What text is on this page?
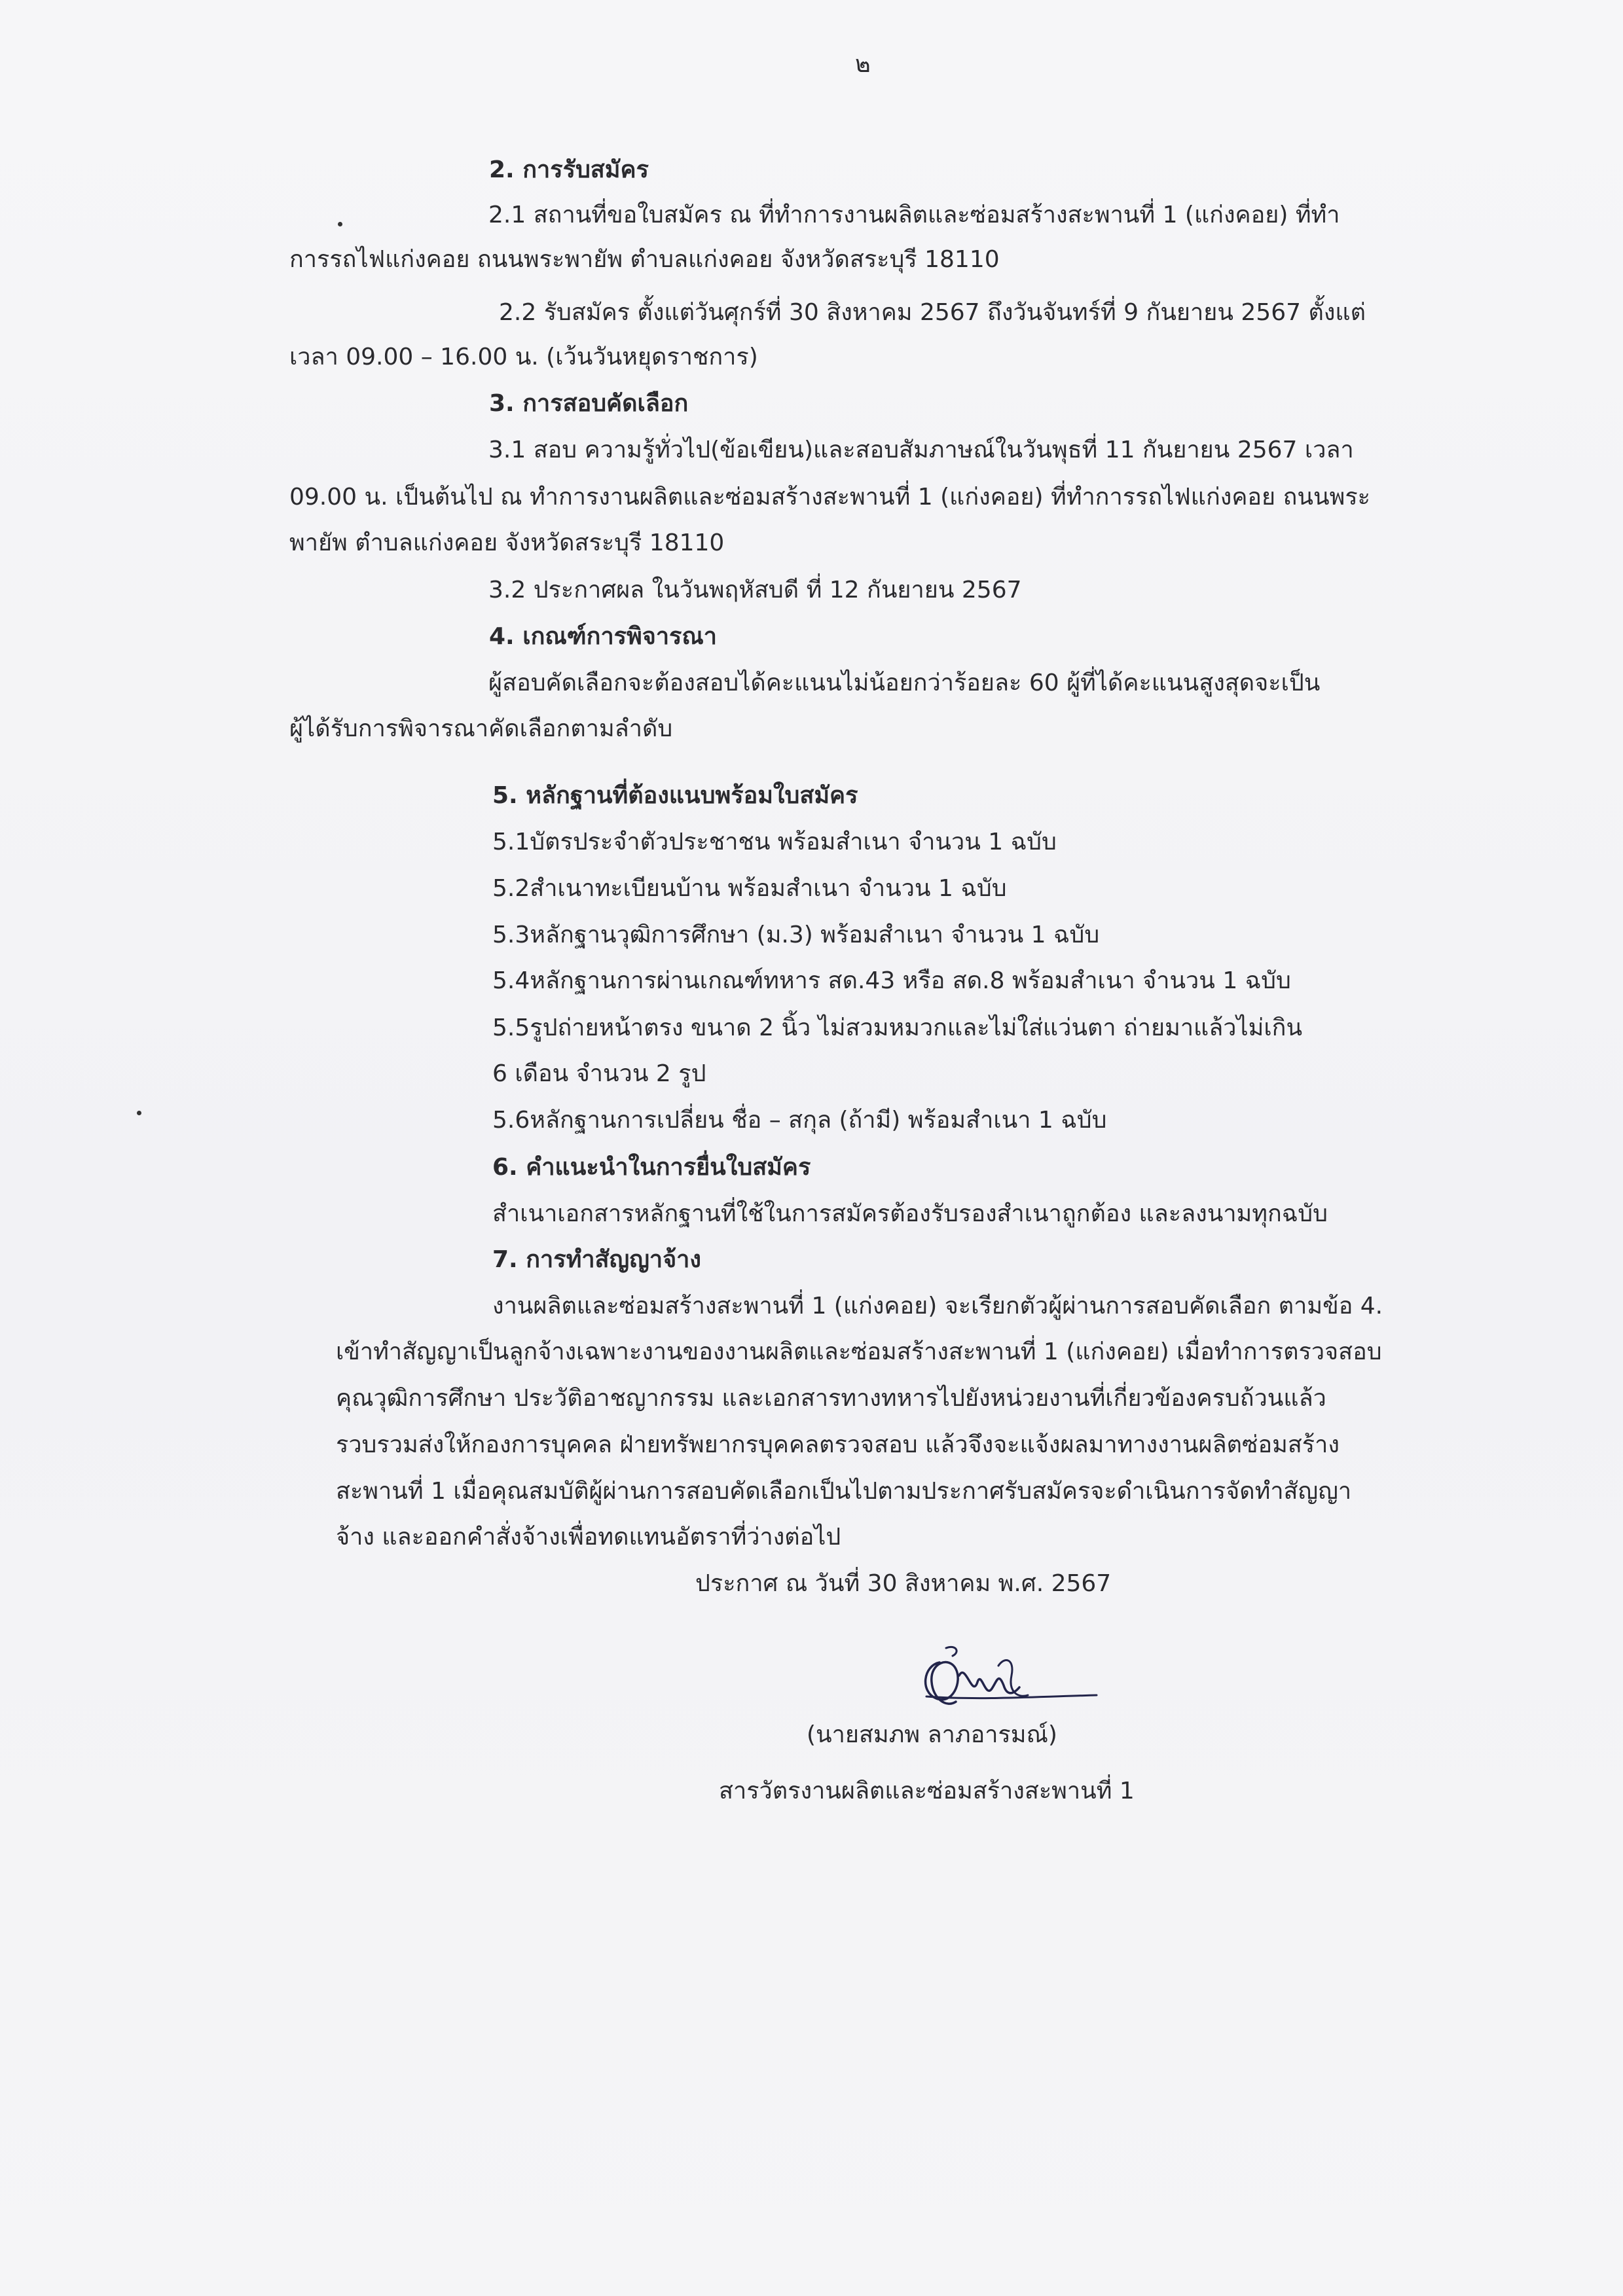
๒
2. การรับสมัคร
2.1 สถานที่ขอใบสมัคร ณ ที่ทำการงานผลิตและซ่อมสร้างสะพานที่ 1 (แก่งคอย) ที่ทำ
การรถไฟแก่งคอย ถนนพระพายัพ ตำบลแก่งคอย จังหวัดสระบุรี 18110
2.2 รับสมัคร ตั้งแต่วันศุกร์ที่ 30 สิงหาคม 2567 ถึงวันจันทร์ที่ 9 กันยายน 2567 ตั้งแต่
เวลา 09.00 – 16.00 น. (เว้นวันหยุดราชการ)
3. การสอบคัดเลือก
3.1 สอบ ความรู้ทั่วไป(ข้อเขียน)และสอบสัมภาษณ์ในวันพุธที่ 11 กันยายน 2567 เวลา
09.00 น. เป็นต้นไป ณ ทำการงานผลิตและซ่อมสร้างสะพานที่ 1 (แก่งคอย) ที่ทำการรถไฟแก่งคอย ถนนพระ
พายัพ ตำบลแก่งคอย จังหวัดสระบุรี 18110
3.2 ประกาศผล ในวันพฤหัสบดี ที่ 12 กันยายน 2567
4. เกณฑ์การพิจารณา
ผู้สอบคัดเลือกจะต้องสอบได้คะแนนไม่น้อยกว่าร้อยละ 60 ผู้ที่ได้คะแนนสูงสุดจะเป็น
ผู้ได้รับการพิจารณาคัดเลือกตามลำดับ
5. หลักฐานที่ต้องแนบพร้อมใบสมัคร
5.1บัตรประจำตัวประชาชน พร้อมสำเนา จำนวน 1 ฉบับ
5.2สำเนาทะเบียนบ้าน พร้อมสำเนา จำนวน 1 ฉบับ
5.3หลักฐานวุฒิการศึกษา (ม.3) พร้อมสำเนา จำนวน 1 ฉบับ
5.4หลักฐานการผ่านเกณฑ์ทหาร สด.43 หรือ สด.8 พร้อมสำเนา จำนวน 1 ฉบับ
5.5รูปถ่ายหน้าตรง ขนาด 2 นิ้ว ไม่สวมหมวกและไม่ใส่แว่นตา ถ่ายมาแล้วไม่เกิน
6 เดือน จำนวน 2 รูป
5.6หลักฐานการเปลี่ยน ชื่อ – สกุล (ถ้ามี) พร้อมสำเนา 1 ฉบับ
6. คำแนะนำในการยื่นใบสมัคร
สำเนาเอกสารหลักฐานที่ใช้ในการสมัครต้องรับรองสำเนาถูกต้อง และลงนามทุกฉบับ
7. การทำสัญญาจ้าง
งานผลิตและซ่อมสร้างสะพานที่ 1 (แก่งคอย) จะเรียกตัวผู้ผ่านการสอบคัดเลือก ตามข้อ 4.
เข้าทำสัญญาเป็นลูกจ้างเฉพาะงานของงานผลิตและซ่อมสร้างสะพานที่ 1 (แก่งคอย) เมื่อทำการตรวจสอบ
คุณวุฒิการศึกษา ประวัติอาชญากรรม และเอกสารทางทหารไปยังหน่วยงานที่เกี่ยวข้องครบถ้วนแล้ว
รวบรวมส่งให้กองการบุคคล ฝ่ายทรัพยากรบุคคลตรวจสอบ แล้วจึงจะแจ้งผลมาทางงานผลิตซ่อมสร้าง
สะพานที่ 1 เมื่อคุณสมบัติผู้ผ่านการสอบคัดเลือกเป็นไปตามประกาศรับสมัครจะดำเนินการจัดทำสัญญา
จ้าง และออกคำสั่งจ้างเพื่อทดแทนอัตราที่ว่างต่อไป
ประกาศ ณ วันที่ 30 สิงหาคม พ.ศ. 2567
(นายสมภพ ลาภอารมณ์)
สารวัตรงานผลิตและซ่อมสร้างสะพานที่ 1
